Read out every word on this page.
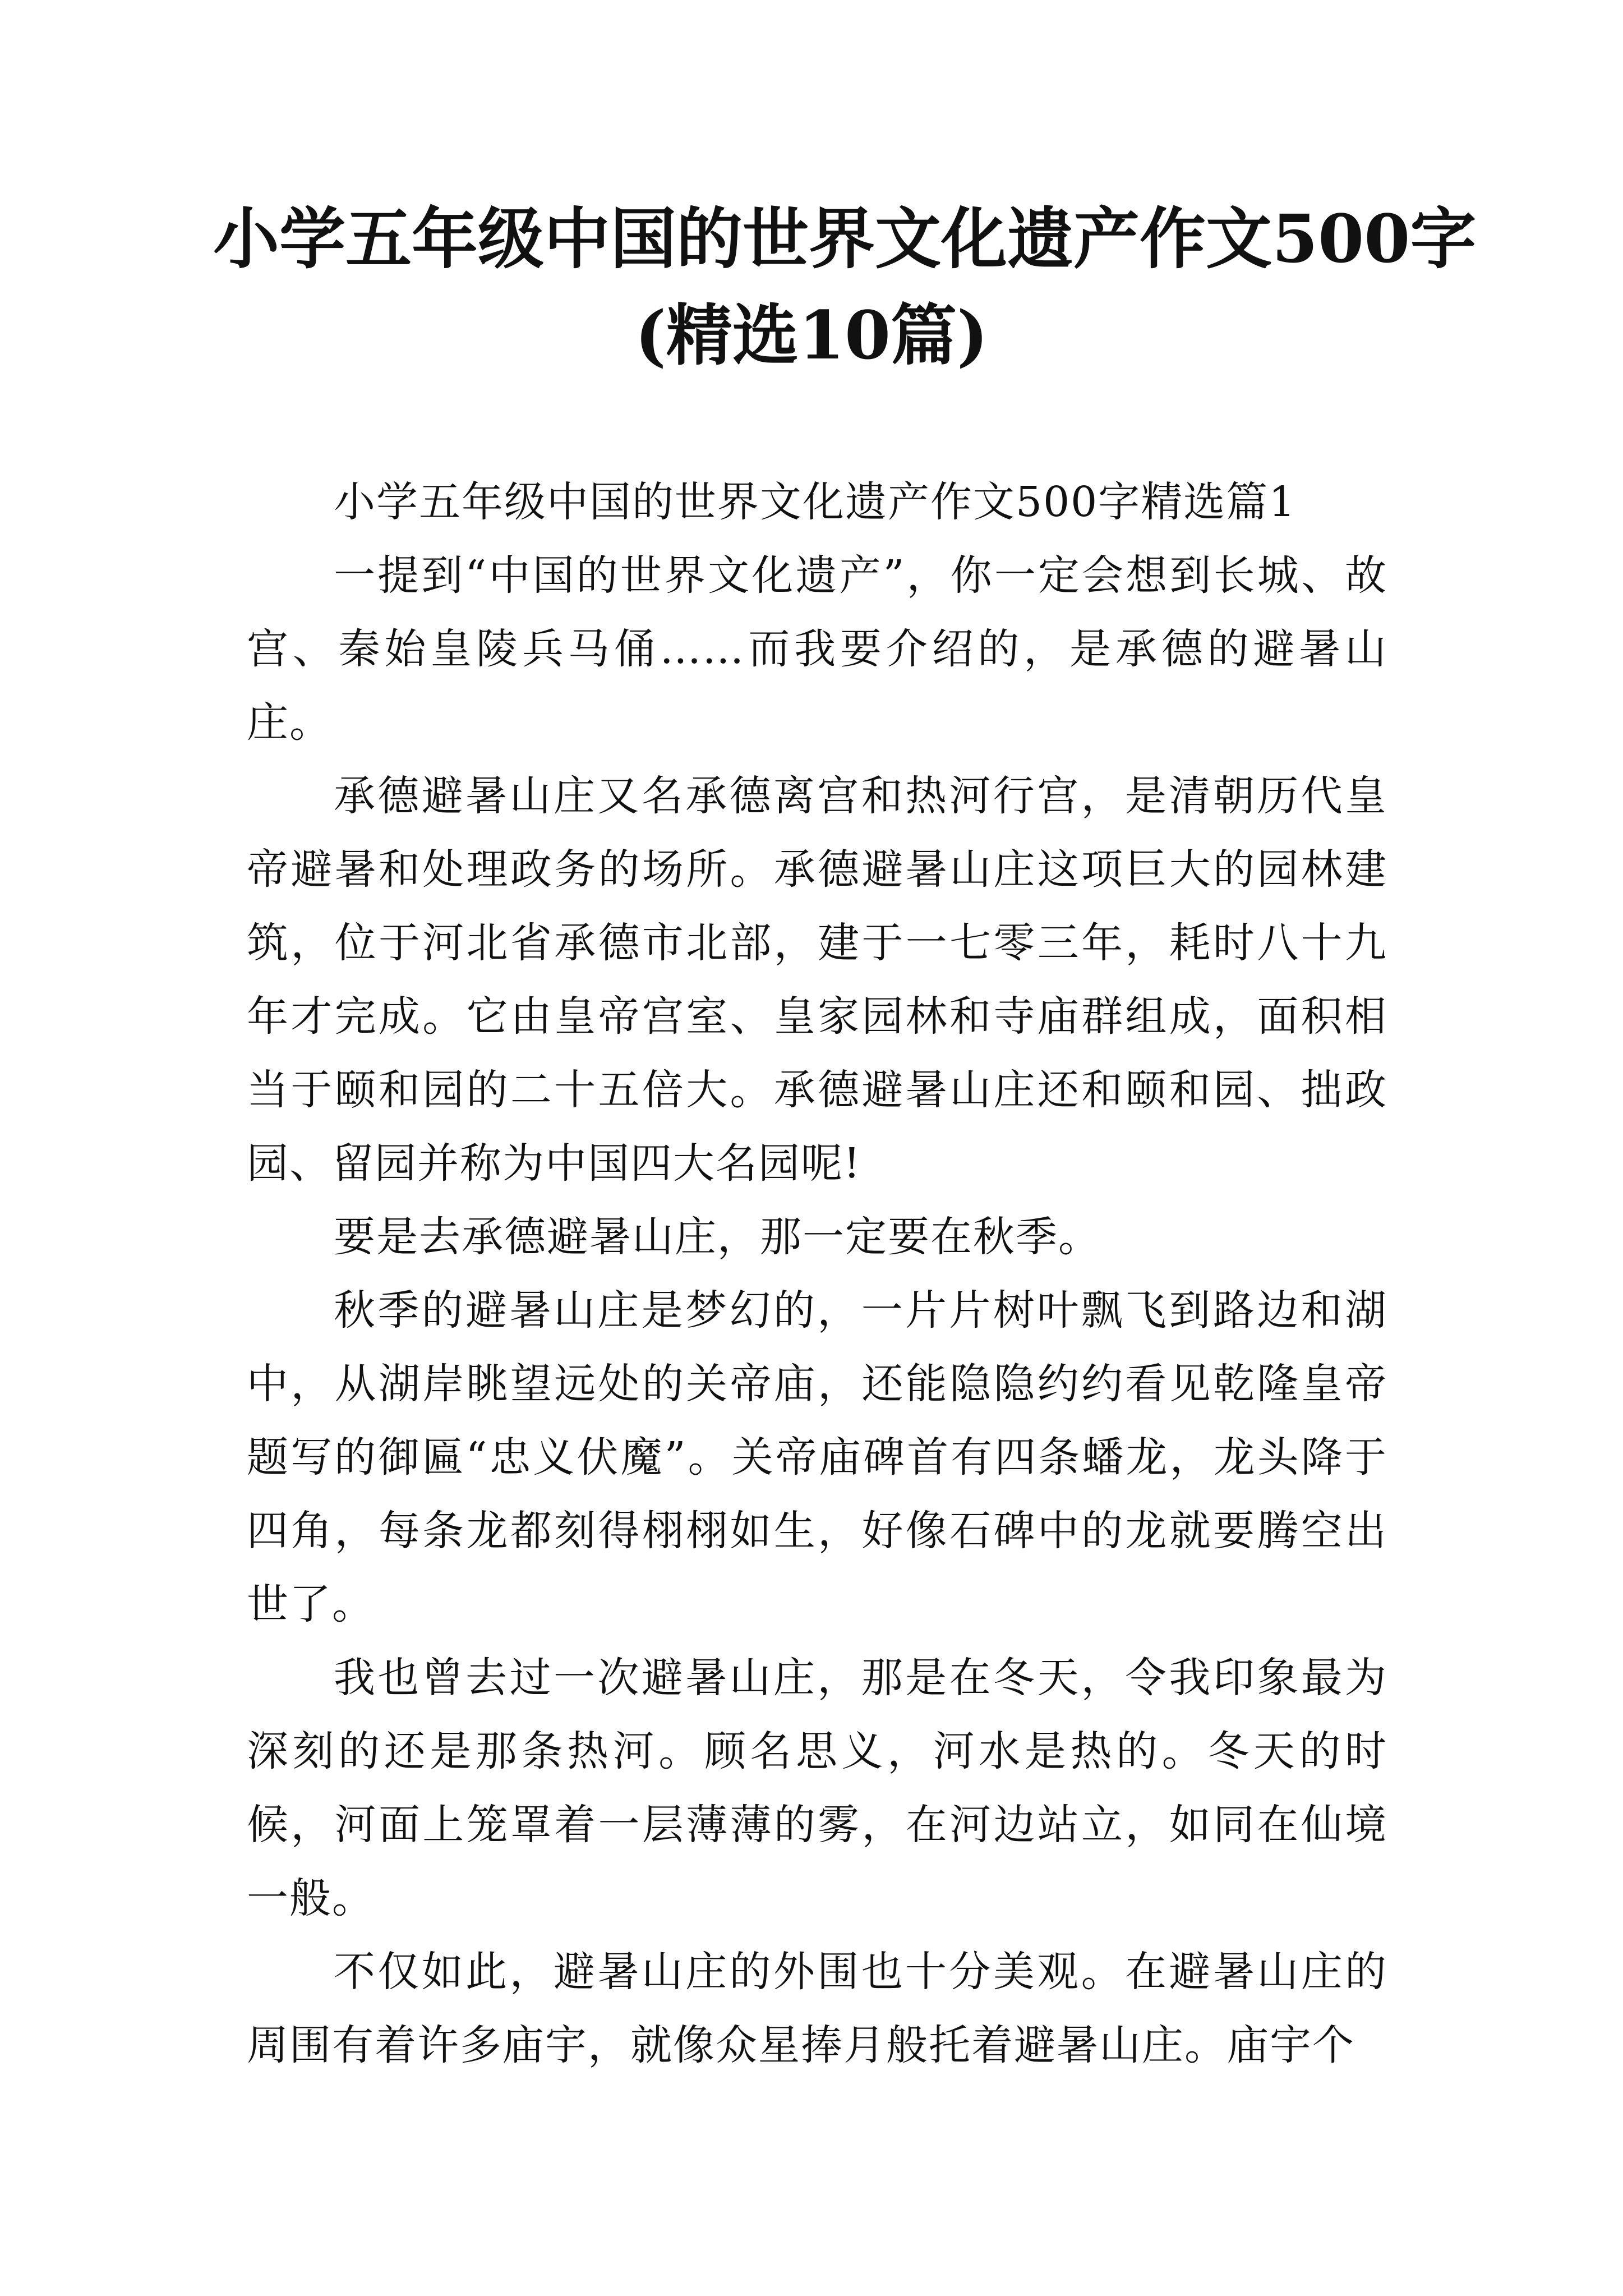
小学五年级中国的世界文化遗产作文500字
(精选10篇)

小学五年级中国的世界文化遗产作文500字精选篇1

一提到“中国的世界文化遗产”，你一定会想到长城、故宫、秦始皇陵兵马俑……而我要介绍的，是承德的避暑山庄。

承德避暑山庄又名承德离宫和热河行宫，是清朝历代皇帝避暑和处理政务的场所。承德避暑山庄这项巨大的园林建筑，位于河北省承德市北部，建于一七零三年，耗时八十九年才完成。它由皇帝宫室、皇家园林和寺庙群组成，面积相当于颐和园的二十五倍大。承德避暑山庄还和颐和园、拙政园、留园并称为中国四大名园呢!

要是去承德避暑山庄，那一定要在秋季。

秋季的避暑山庄是梦幻的，一片片树叶飘飞到路边和湖中，从湖岸眺望远处的关帝庙，还能隐隐约约看见乾隆皇帝题写的御匾“忠义伏魔”。关帝庙碑首有四条蟠龙，龙头降于四角，每条龙都刻得栩栩如生，好像石碑中的龙就要腾空出世了。

我也曾去过一次避暑山庄，那是在冬天，令我印象最为深刻的还是那条热河。顾名思义，河水是热的。冬天的时候，河面上笼罩着一层薄薄的雾，在河边站立，如同在仙境一般。

不仅如此，避暑山庄的外围也十分美观。在避暑山庄的周围有着许多庙宇，就像众星捧月般托着避暑山庄。庙宇个
